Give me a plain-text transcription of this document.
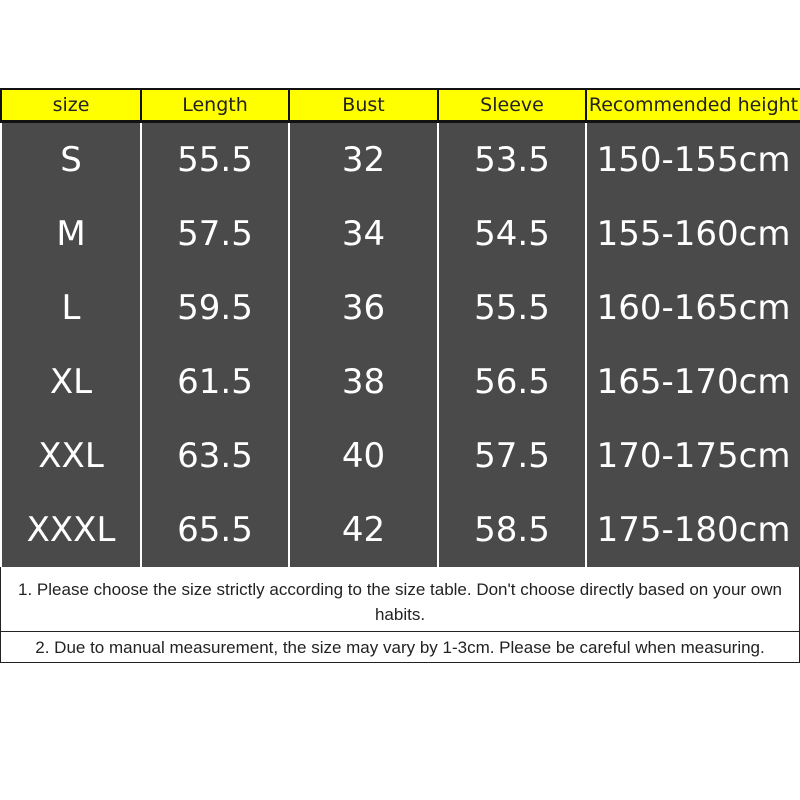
size	Length	Bust	Sleeve	Recommended height
S	55.5	32	53.5	150-155cm
M	57.5	34	54.5	155-160cm
L	59.5	36	55.5	160-165cm
XL	61.5	38	56.5	165-170cm
XXL	63.5	40	57.5	170-175cm
XXXL	65.5	42	58.5	175-180cm

1. Please choose the size strictly according to the size table. Don't choose directly based on your own habits.

2. Due to manual measurement, the size may vary by 1-3cm. Please be careful when measuring.
